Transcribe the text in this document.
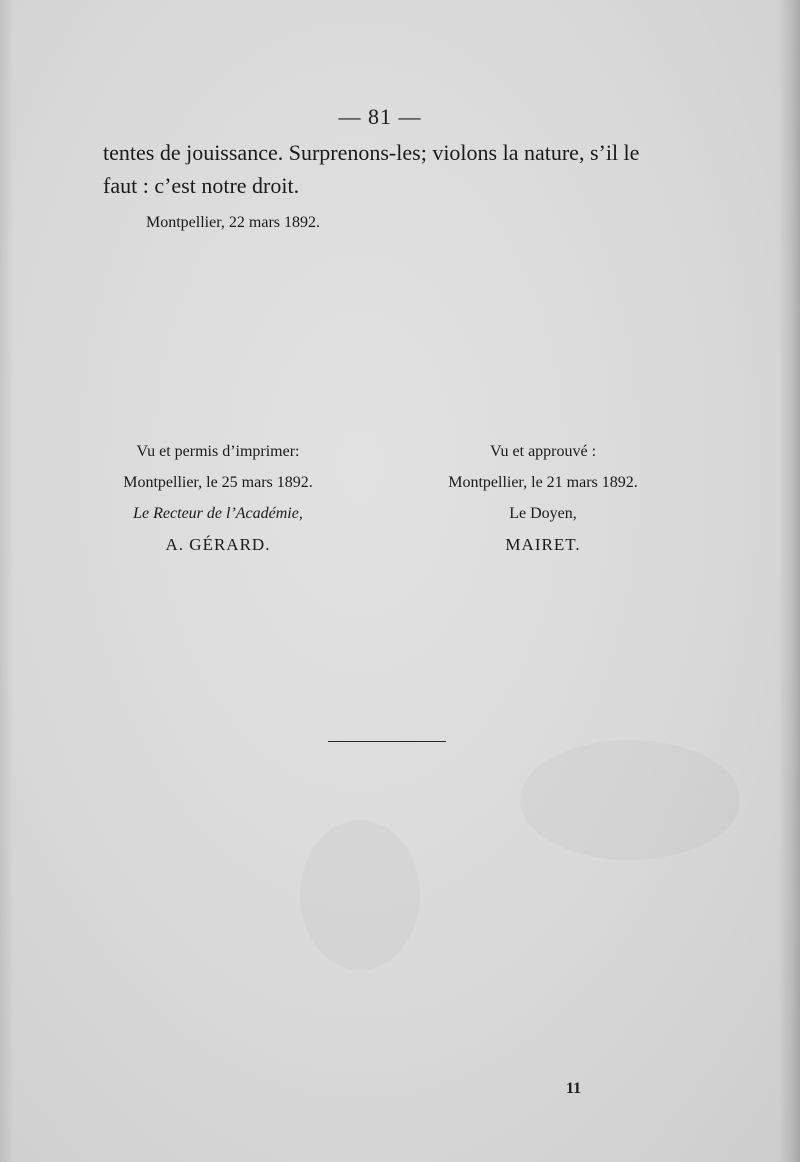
— 81 —

tentes de jouissance. Surprenons-les; violons la nature, s’il le faut : c’est notre droit.

Montpellier, 22 mars 1892.
Vu et permis d’imprimer:
Montpellier, le 25 mars 1892.
Le Recteur de l’Académie,
A. GÉRARD.
Vu et approuvé :
Montpellier, le 21 mars 1892.
Le Doyen,
MAIRET.
11
